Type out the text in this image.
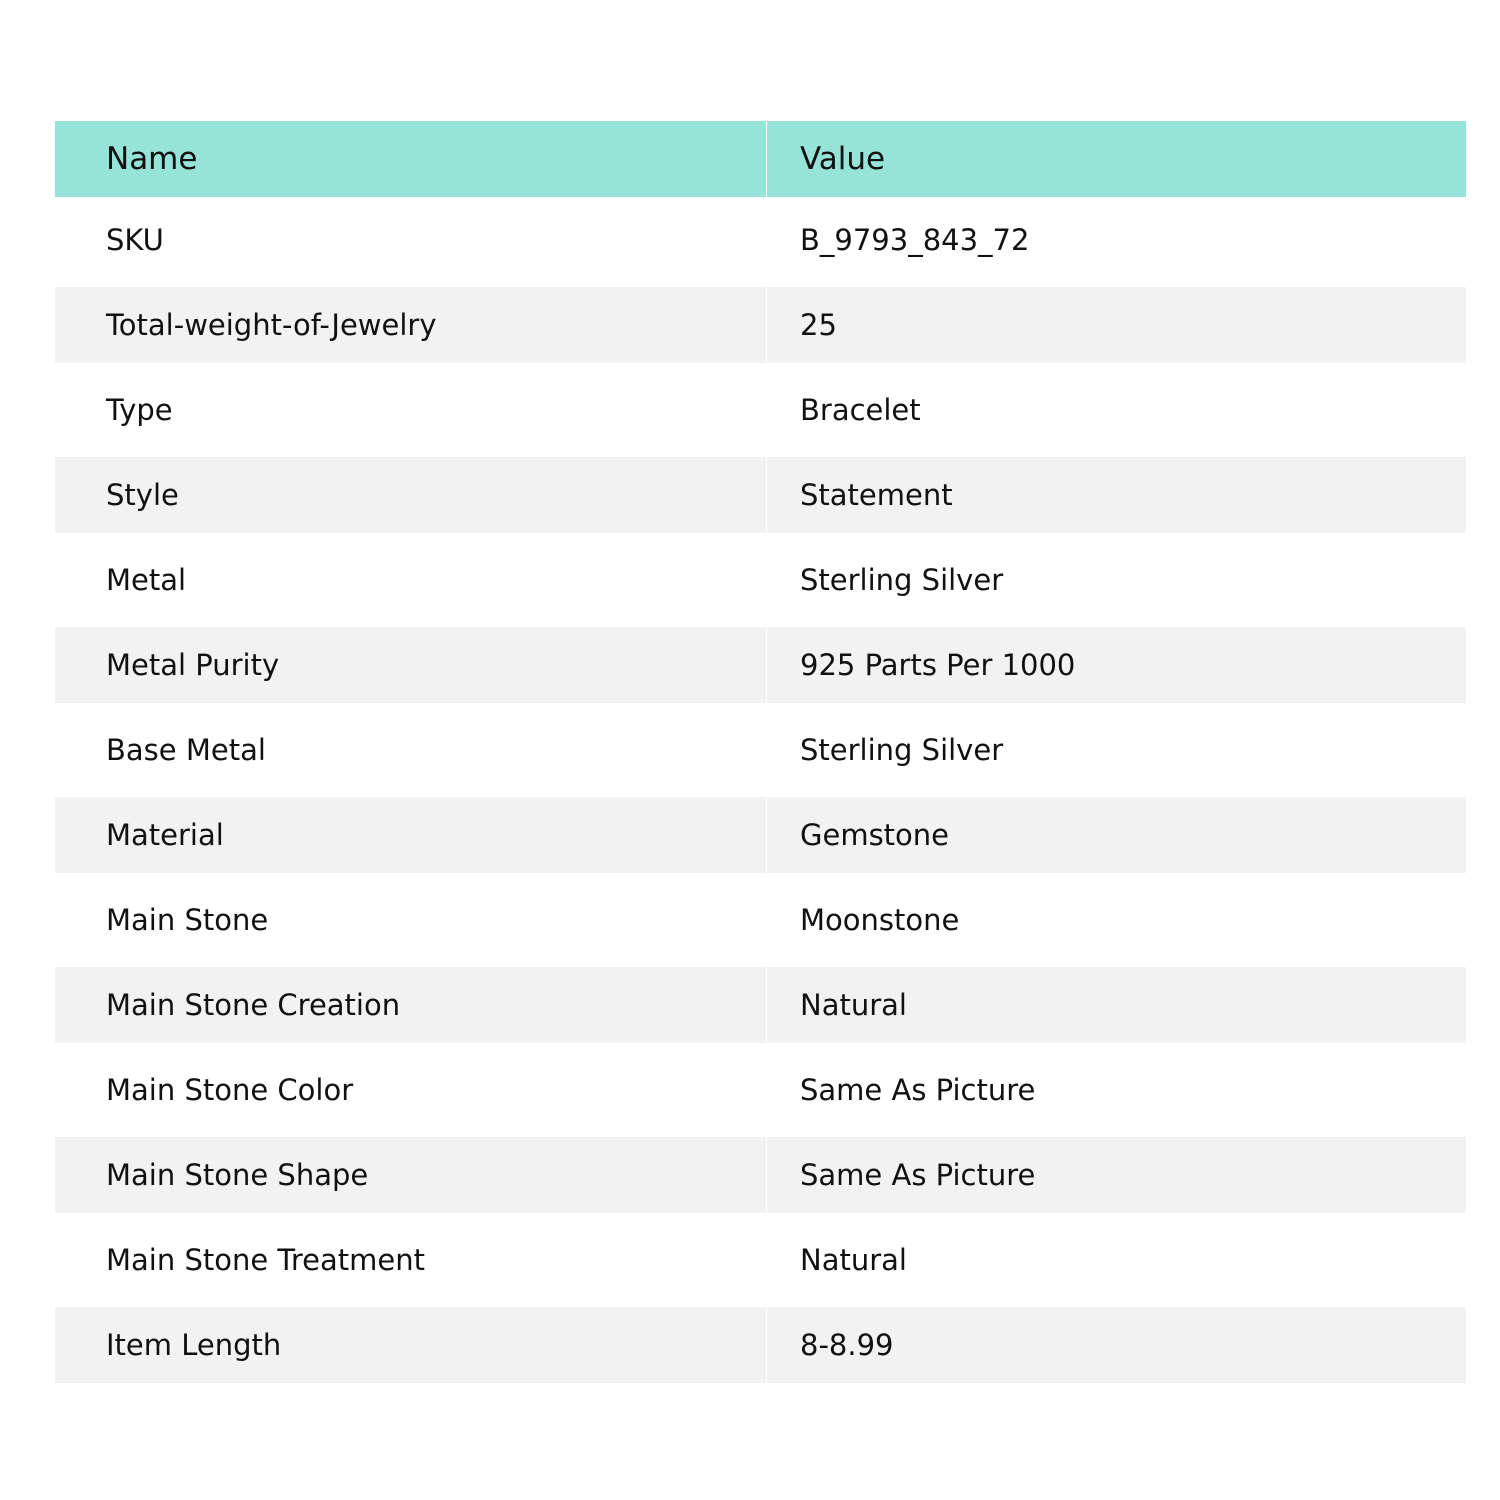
Name	Value
SKU	B_9793_843_72
Total-weight-of-Jewelry	25
Type	Bracelet
Style	Statement
Metal	Sterling Silver
Metal Purity	925 Parts Per 1000
Base Metal	Sterling Silver
Material	Gemstone
Main Stone	Moonstone
Main Stone Creation	Natural
Main Stone Color	Same As Picture
Main Stone Shape	Same As Picture
Main Stone Treatment	Natural
Item Length	8-8.99
